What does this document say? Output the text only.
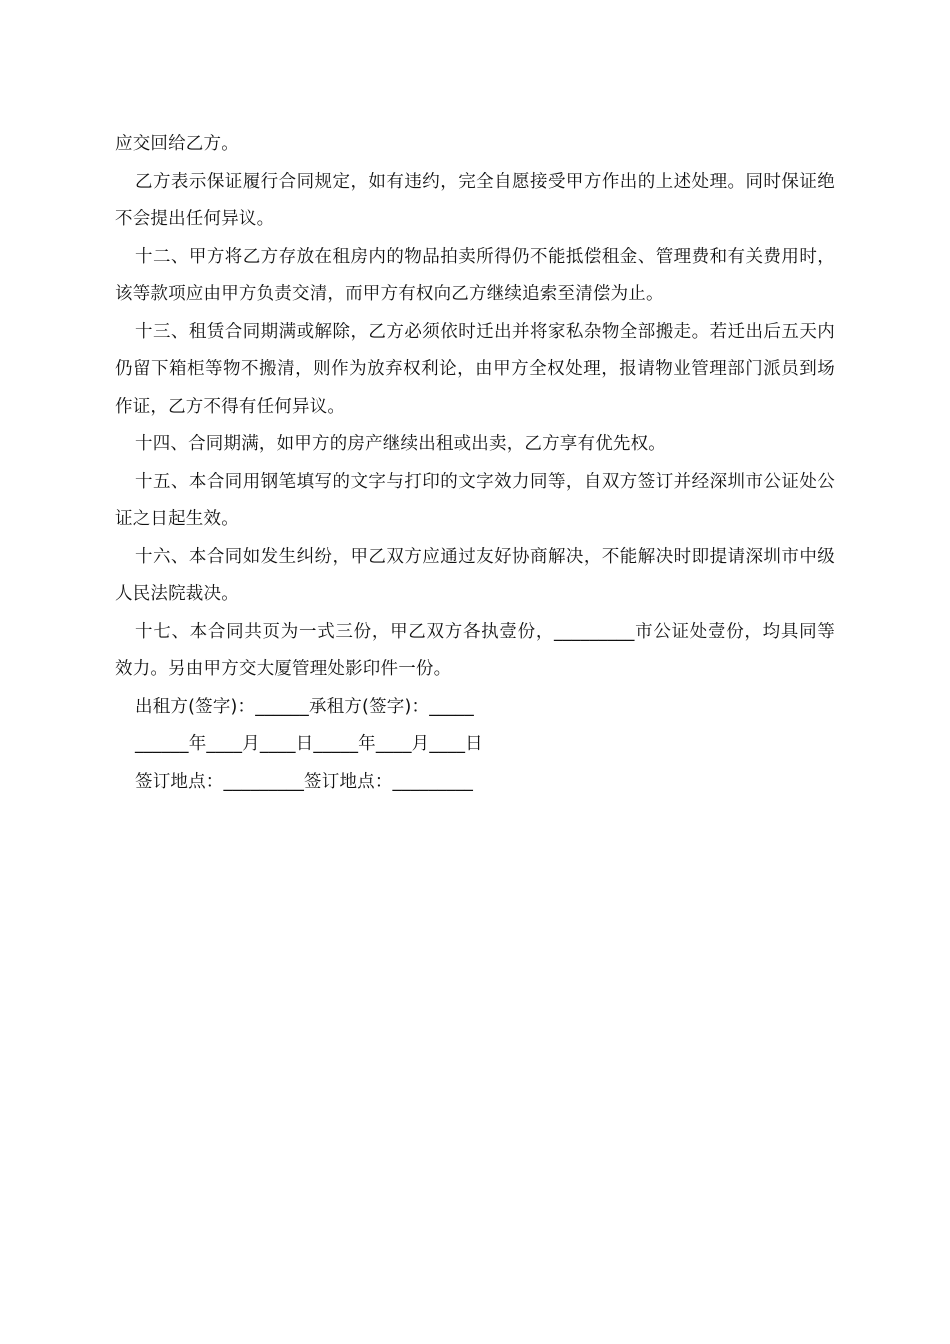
应交回给乙方。

乙方表示保证履行合同规定，如有违约，完全自愿接受甲方作出的上述处理。同时保证绝不会提出任何异议。

十二、甲方将乙方存放在租房内的物品拍卖所得仍不能抵偿租金、管理费和有关费用时，该等款项应由甲方负责交清，而甲方有权向乙方继续追索至清偿为止。

十三、租赁合同期满或解除，乙方必须依时迁出并将家私杂物全部搬走。若迁出后五天内仍留下箱柜等物不搬清，则作为放弃权利论，由甲方全权处理，报请物业管理部门派员到场作证，乙方不得有任何异议。

十四、合同期满，如甲方的房产继续出租或出卖，乙方享有优先权。

十五、本合同用钢笔填写的文字与打印的文字效力同等，自双方签订并经深圳市公证处公证之日起生效。

十六、本合同如发生纠纷，甲乙双方应通过友好协商解决，不能解决时即提请深圳市中级人民法院裁决。

十七、本合同共页为一式三份，甲乙双方各执壹份，_________市公证处壹份，均具同等效力。另由甲方交大厦管理处影印件一份。

出租方(签字)：______承租方(签字)：_____

______年____月____日_____年____月____日

签订地点：_________签订地点：_________
